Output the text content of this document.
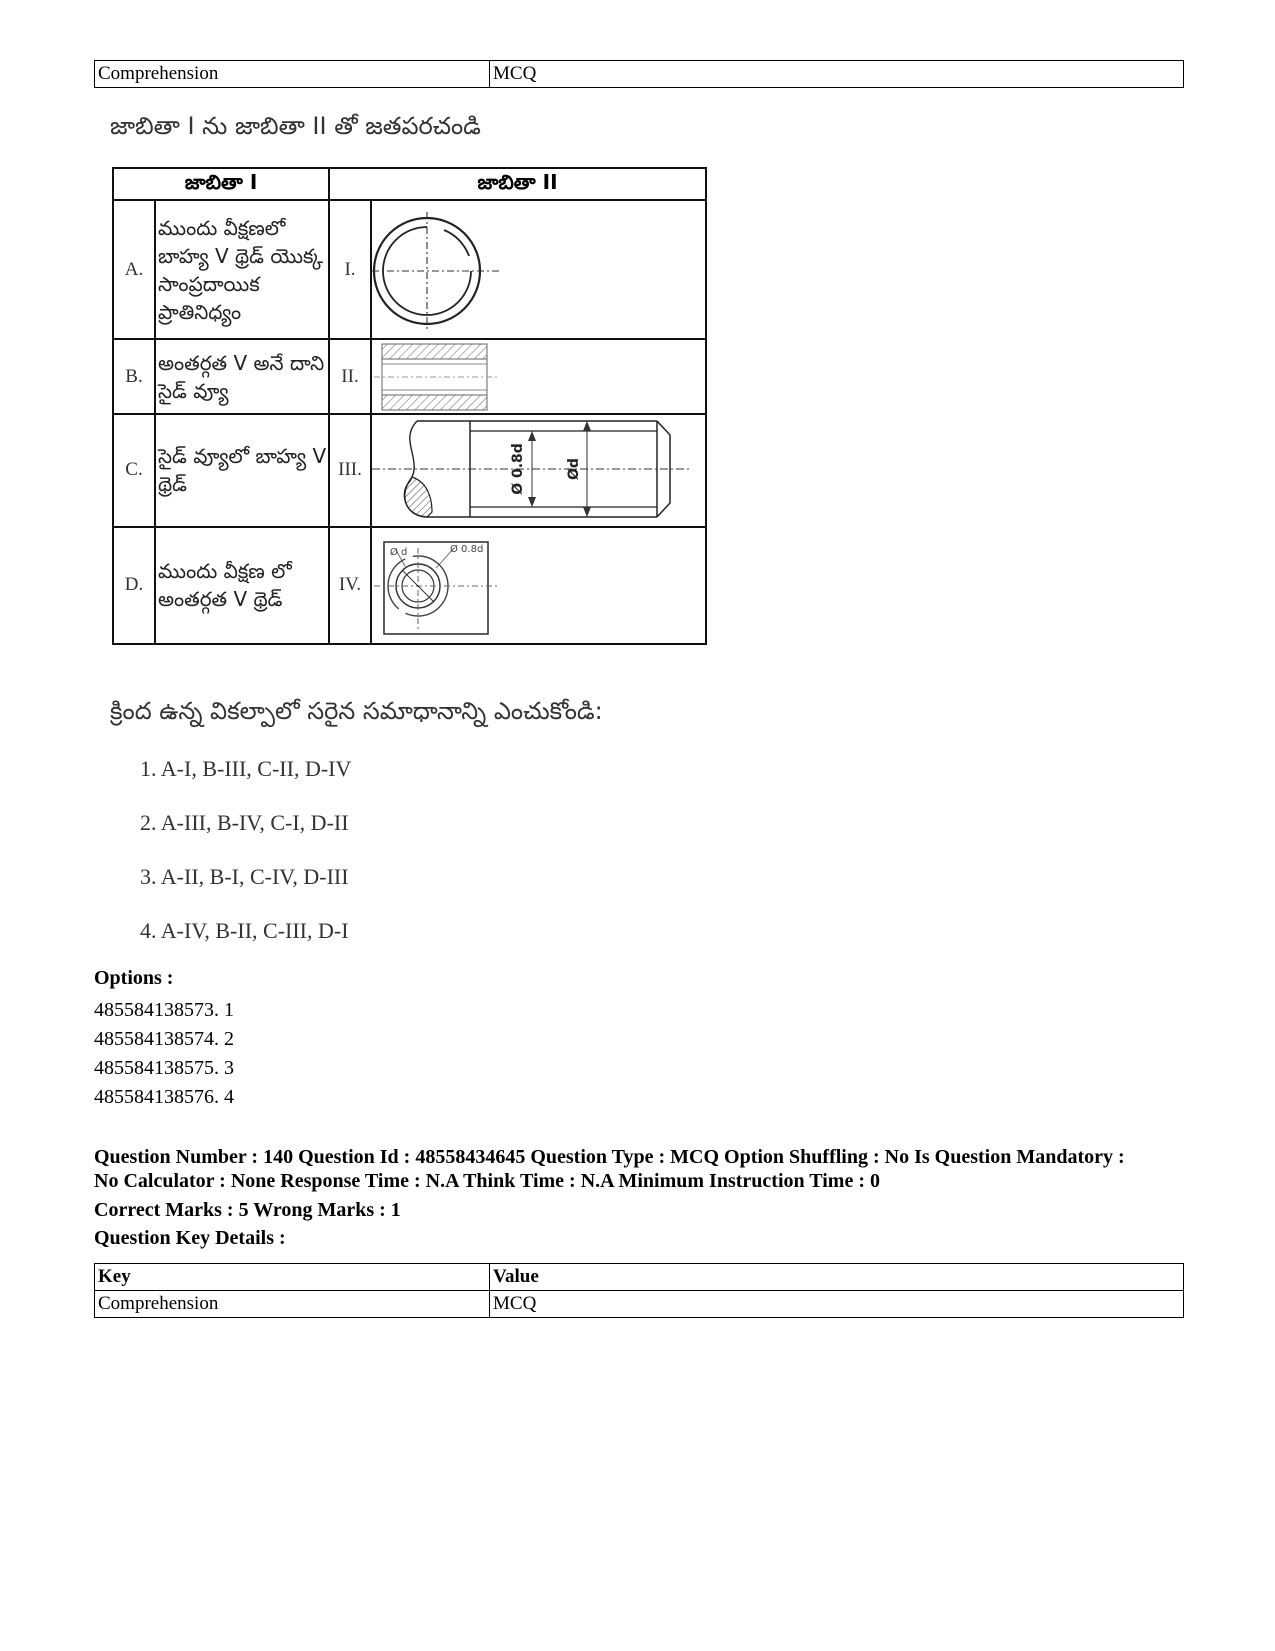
Comprehension	MCQ
జాబితా I ను జాబితా II తో జతపరచండి
జాబితా I		జాబితా II	
A.	ముందు వీక్షణలో బాహ్య V థ్రెడ్ యొక్క సాంప్రదాయిక ప్రాతినిధ్యం	I.	

B.	అంతర్గత V అనే దాని సైడ్ వ్యూ	II.	

C.	సైడ్ వ్యూలో బాహ్య V థ్రెడ్	III.	Ø 0.8d Ød

D.	ముందు వీక్షణ లో అంతర్గత V థ్రెడ్	IV.	Ø d Ø 0.8d
క్రింద ఉన్న వికల్పాలో సరైన సమాధానాన్ని ఎంచుకోండి:
1. A-I, B-III, C-II, D-IV
2. A-III, B-IV, C-I, D-II
3. A-II, B-I, C-IV, D-III
4. A-IV, B-II, C-III, D-I
Options :
485584138573. 1
485584138574. 2
485584138575. 3
485584138576. 4
Question Number : 140 Question Id : 48558434645 Question Type : MCQ Option Shuffling : No Is Question Mandatory :
No Calculator : None Response Time : N.A Think Time : N.A Minimum Instruction Time : 0
Correct Marks : 5 Wrong Marks : 1
Question Key Details :
Key	Value
Comprehension	MCQ
